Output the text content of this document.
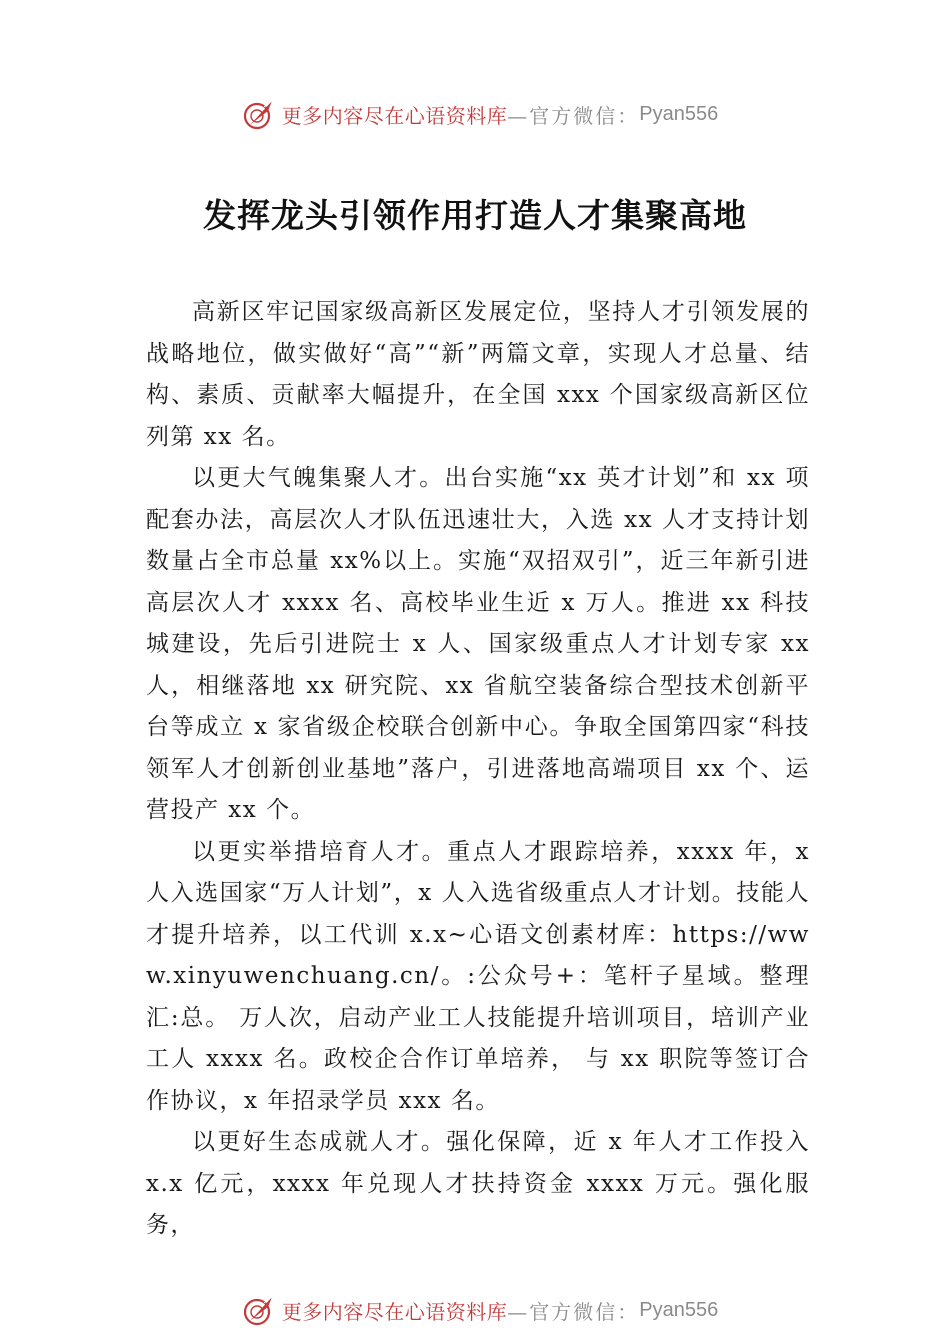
更多内容尽在心语资料库 —官方微信： Pyan556
发挥龙头引领作用打造人才集聚高地

高新区牢记国家级高新区发展定位，坚持人才引领发展的战略地位，做实做好“高”“新”两篇文章，实现人才总量、结构、素质、贡献率大幅提升，在全国 xxx 个国家级高新区位列第 xx 名。

以更大气魄集聚人才。出台实施“xx 英才计划”和 xx 项配套办法，高层次人才队伍迅速壮大，入选 xx 人才支持计划数量占全市总量 xx%以上。实施“双招双引”，近三年新引进高层次人才 xxxx 名、高校毕业生近 x 万人。推进 xx 科技城建设，先后引进院士 x 人、国家级重点人才计划专家 xx 人，相继落地 xx 研究院、xx 省航空装备综合型技术创新平台等成立 x 家省级企校联合创新中心。争取全国第四家“科技领军人才创新创业基地”落户，引进落地高端项目 xx 个、运营投产 xx 个。

以更实举措培育人才。重点人才跟踪培养，xxxx 年，x 人入选国家“万人计划”，x 人入选省级重点人才计划。技能人才提升培养，以工代训 x.x~心语文创素材库：https://www.xinyuwenchuang.cn/。:公众号+：笔杆子星域。整理汇:总。 万人次，启动产业工人技能提升培训项目，培训产业工人 xxxx 名。政校企合作订单培养， 与 xx 职院等签订合作协议，x 年招录学员 xxx 名。

以更好生态成就人才。强化保障，近 x 年人才工作投入 x.x 亿元，xxxx 年兑现人才扶持资金 xxxx 万元。强化服务，

更多内容尽在心语资料库 —官方微信： Pyan556
